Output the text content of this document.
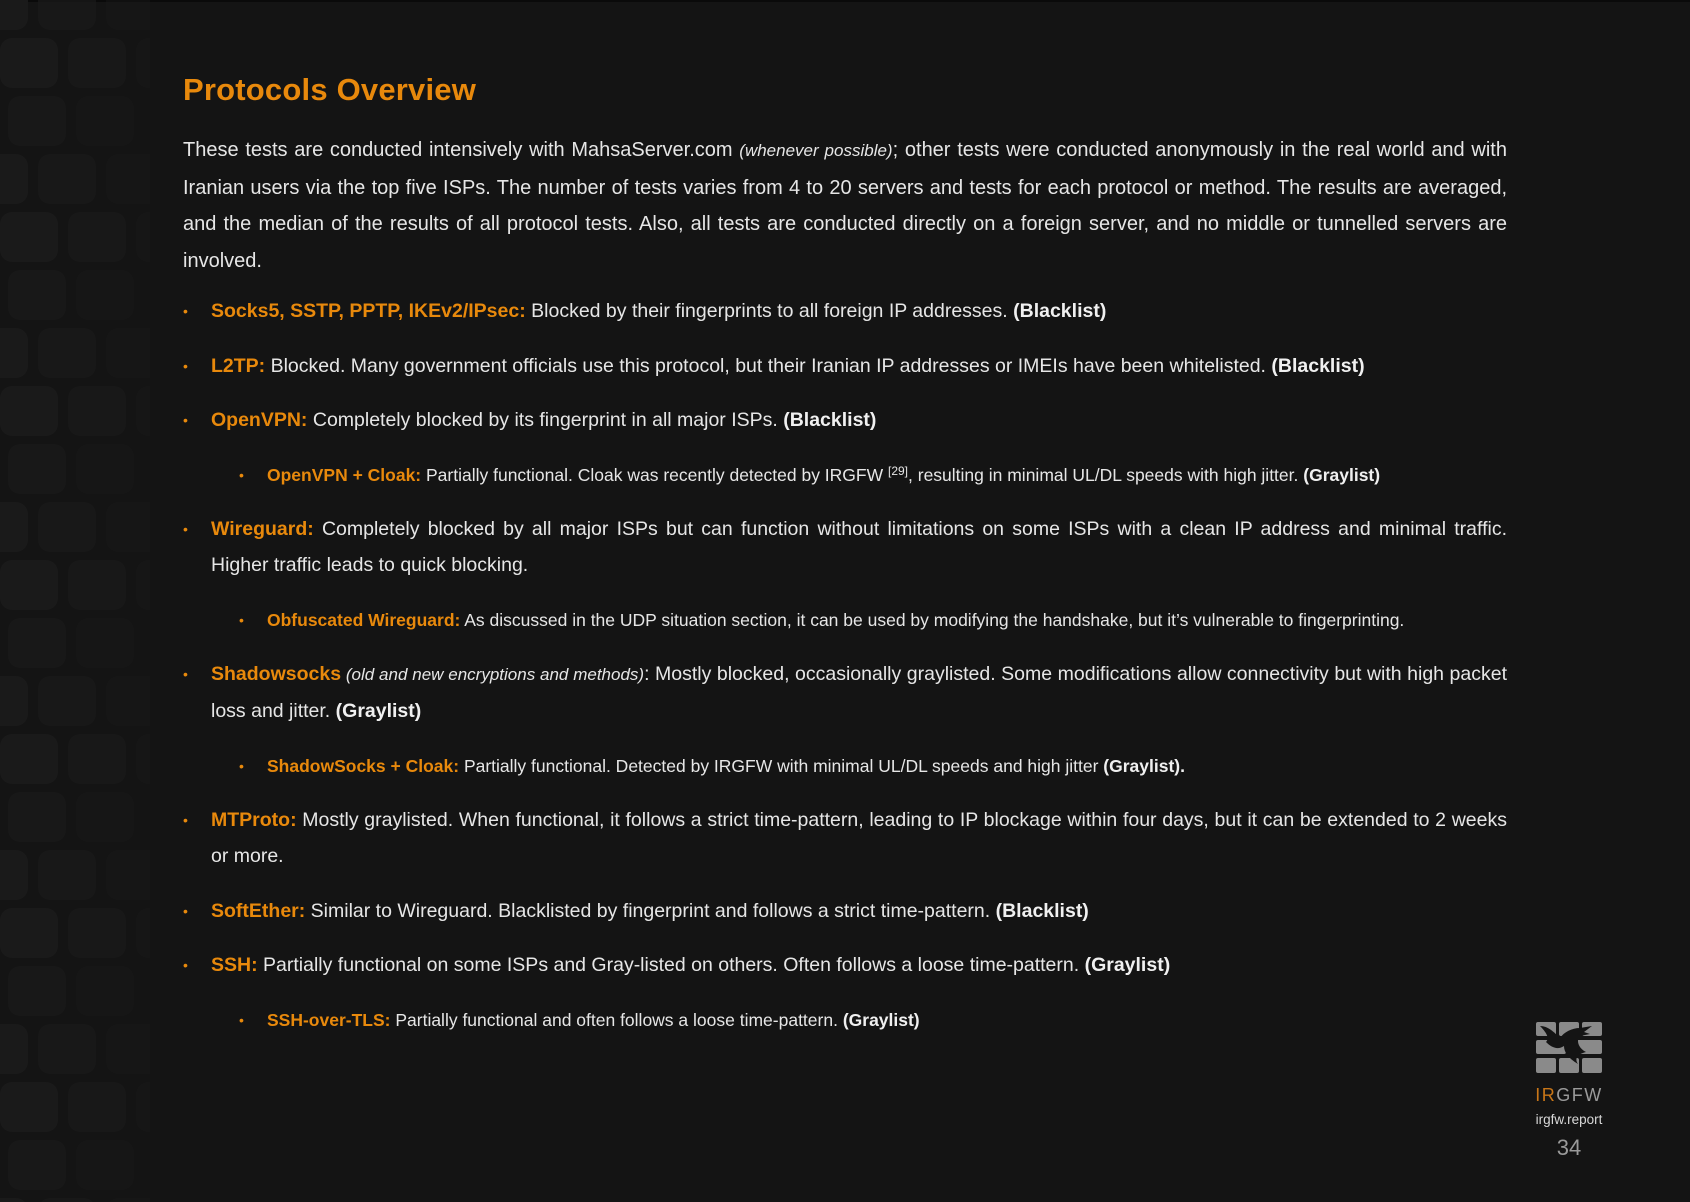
Protocols Overview

These tests are conducted intensively with MahsaServer.com (whenever possible); other tests were conducted anonymously in the real world and with Iranian users via the top five ISPs. The number of tests varies from 4 to 20 servers and tests for each protocol or method. The results are averaged, and the median of the results of all protocol tests. Also, all tests are conducted directly on a foreign server, and no middle or tunnelled servers are involved.

• Socks5, SSTP, PPTP, IKEv2/IPsec: Blocked by their fingerprints to all foreign IP addresses. (Blacklist)
• L2TP: Blocked. Many government officials use this protocol, but their Iranian IP addresses or IMEIs have been whitelisted. (Blacklist)
• OpenVPN: Completely blocked by its fingerprint in all major ISPs. (Blacklist)
• OpenVPN + Cloak: Partially functional. Cloak was recently detected by IRGFW [29], resulting in minimal UL/DL speeds with high jitter. (Graylist)
• Wireguard: Completely blocked by all major ISPs but can function without limitations on some ISPs with a clean IP address and minimal traffic. Higher traffic leads to quick blocking.
• Obfuscated Wireguard: As discussed in the UDP situation section, it can be used by modifying the handshake, but it’s vulnerable to fingerprinting.
• Shadowsocks (old and new encryptions and methods): Mostly blocked, occasionally graylisted. Some modifications allow connectivity but with high packet loss and jitter. (Graylist)
• ShadowSocks + Cloak: Partially functional. Detected by IRGFW with minimal UL/DL speeds and high jitter (Graylist).
• MTProto: Mostly graylisted. When functional, it follows a strict time-pattern, leading to IP blockage within four days, but it can be extended to 2 weeks or more.
• SoftEther: Similar to Wireguard. Blacklisted by fingerprint and follows a strict time-pattern. (Blacklist)
• SSH: Partially functional on some ISPs and Gray-listed on others. Often follows a loose time-pattern. (Graylist)
• SSH-over-TLS: Partially functional and often follows a loose time-pattern. (Graylist)
IRGFW
irgfw.report
34
